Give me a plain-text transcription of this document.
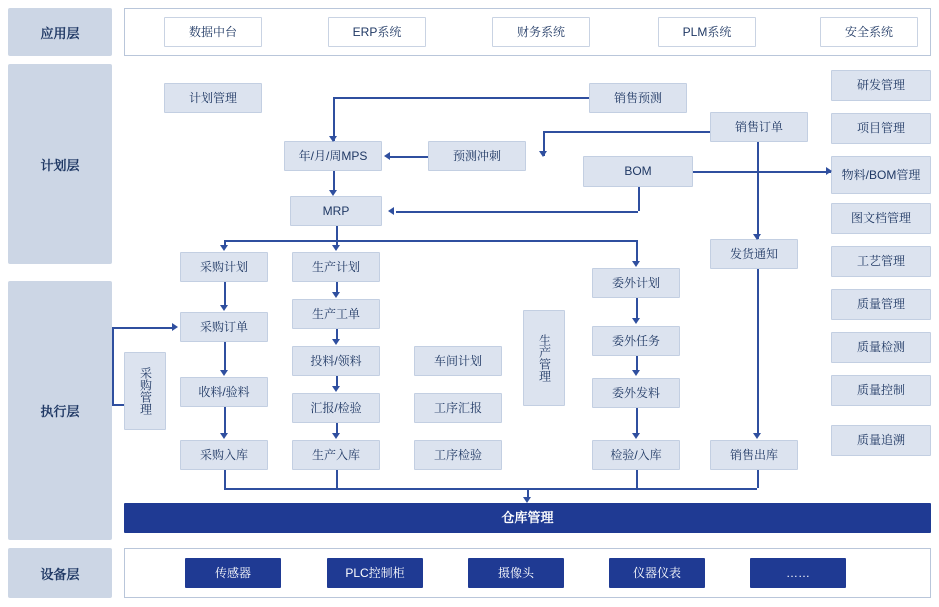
应用层
计划层
执行层
设备层
数据中台	ERP系统	财务系统	PLM系统	安全系统
研发管理
项目管理
物料/BOM管理
图文档管理
工艺管理
质量管理
质量检测
质量控制
质量追溯
计划管理	销售预测
销售订单
年/月/周MPS	预测冲刺
BOM
MRP
采购计划
采购订单
收料/验料
采购入库
生产计划
生产工单
投料/领料
汇报/检验
生产入库
车间计划
工序汇报
工序检验
委外计划
委外任务
委外发料
检验/入库
发货通知
销售出库
采购管理
生产管理
仓库管理
传感器	PLC控制柜	摄像头	仪器仪表	……
